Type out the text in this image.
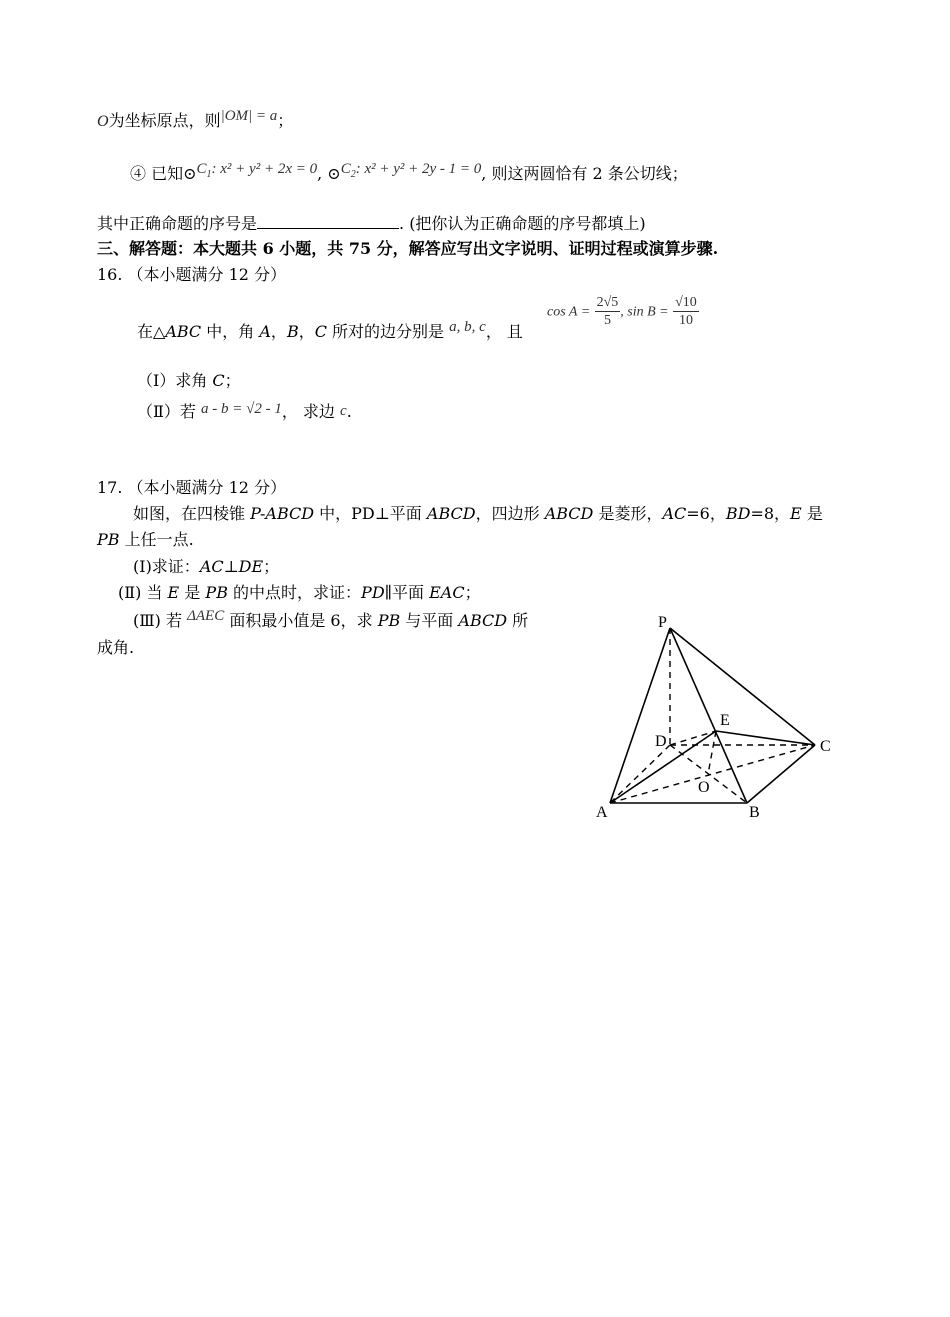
O为坐标原点，则|OM| = a；
④ 已知$⊙C_1$: x² + y² + 2x = 0, $⊙C_2$: x² + y² + 2y - 1 = 0, 则这两圆恰有 2 条公切线；
其中正确命题的序号是	. (把你认为正确命题的序号都填上)
三、解答题：本大题共 6 小题，共 75 分，解答应写出文字说明、证明过程或演算步骤.
16. （本小题满分 12 分）
在△ABC 中，角 A，B，C 所对的边分别是 a, b, c， 且
$\cos A = \frac{2√5}{5}$ , $\sin B = \frac{√10}{10}$
（Ⅰ）求角 C；
（Ⅱ）若 a - b = √2 - 1， 求边 c.
17. （本小题满分 12 分）
如图，在四棱锥 P-ABCD 中，PD⊥平面 ABCD，四边形 ABCD 是菱形，AC=6，BD=8，E 是
PB 上任一点.
(Ⅰ)求证：AC⊥DE；
(Ⅱ) 当 E 是 PB 的中点时，求证：PD∥平面 EAC；
(Ⅲ) 若 ΔAEC 面积最小值是 6，求 PB 与平面 ABCD 所
成角.
P
E
D	C
O
A	B
